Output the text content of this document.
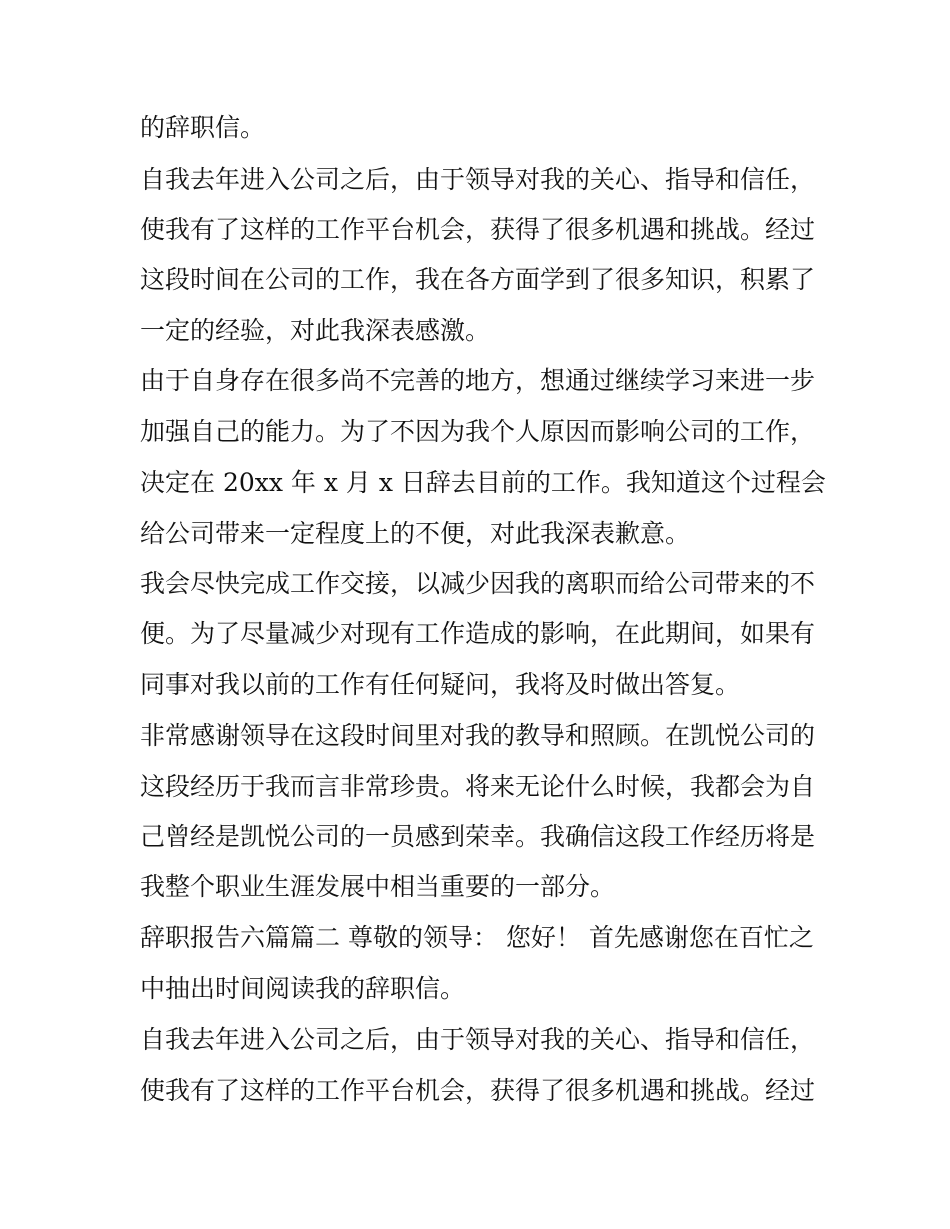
的辞职信。
自我去年进入公司之后，由于领导对我的关心、指导和信任，
使我有了这样的工作平台机会，获得了很多机遇和挑战。经过
这段时间在公司的工作，我在各方面学到了很多知识，积累了
一定的经验，对此我深表感激。
由于自身存在很多尚不完善的地方，想通过继续学习来进一步
加强自己的能力。为了不因为我个人原因而影响公司的工作，
决定在 20xx 年 x 月 x 日辞去目前的工作。我知道这个过程会
给公司带来一定程度上的不便，对此我深表歉意。
我会尽快完成工作交接，以减少因我的离职而给公司带来的不
便。为了尽量减少对现有工作造成的影响，在此期间，如果有
同事对我以前的工作有任何疑问，我将及时做出答复。
非常感谢领导在这段时间里对我的教导和照顾。在凯悦公司的
这段经历于我而言非常珍贵。将来无论什么时候，我都会为自
己曾经是凯悦公司的一员感到荣幸。我确信这段工作经历将是
我整个职业生涯发展中相当重要的一部分。
辞职报告六篇篇二 尊敬的领导： 您好！ 首先感谢您在百忙之
中抽出时间阅读我的辞职信。
自我去年进入公司之后，由于领导对我的关心、指导和信任，
使我有了这样的工作平台机会，获得了很多机遇和挑战。经过
